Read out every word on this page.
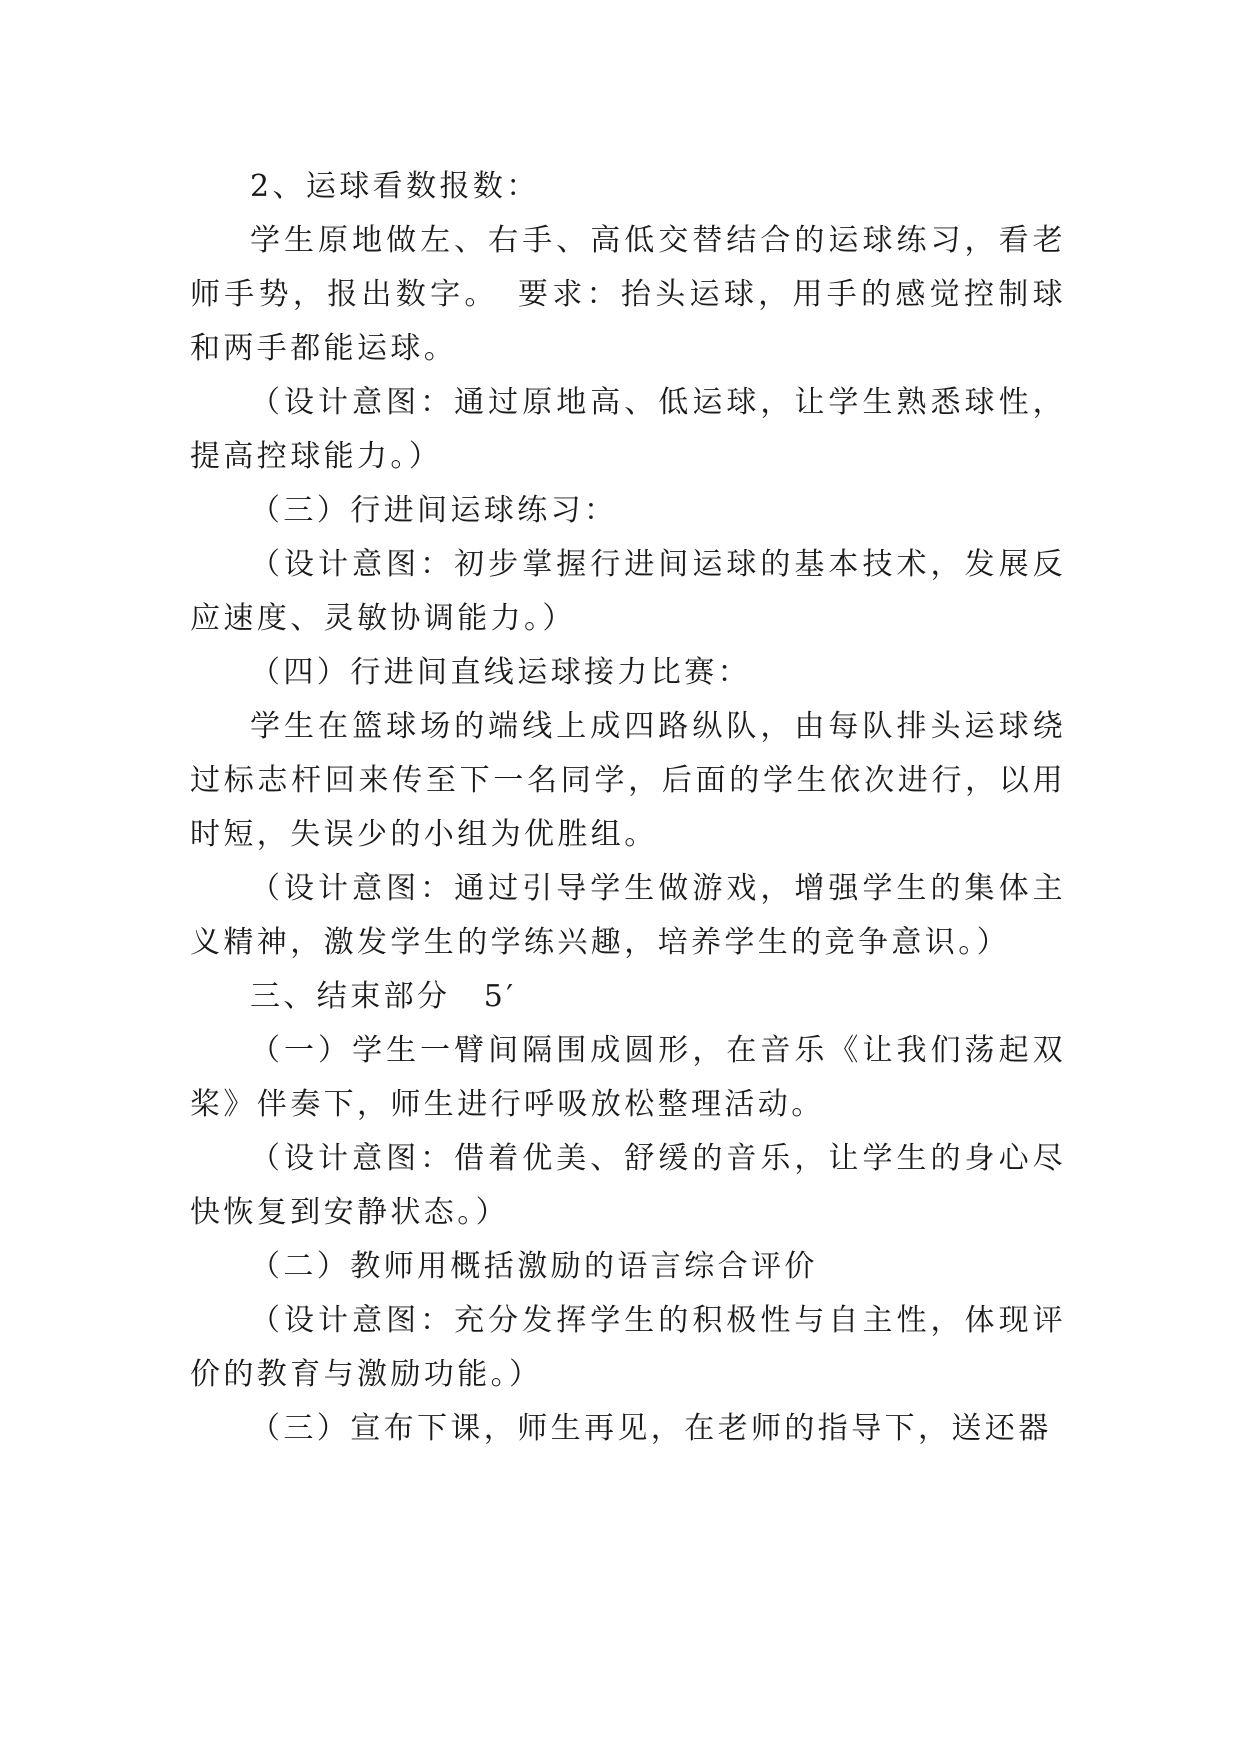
2、运球看数报数：

学生原地做左、右手、高低交替结合的运球练习，看老师手势，报出数字。　要求：抬头运球，用手的感觉控制球和两手都能运球。

（设计意图：通过原地高、低运球，让学生熟悉球性，提高控球能力。）

（三）行进间运球练习：

（设计意图：初步掌握行进间运球的基本技术，发展反应速度、灵敏协调能力。）

（四）行进间直线运球接力比赛：

学生在篮球场的端线上成四路纵队，由每队排头运球绕过标志杆回来传至下一名同学，后面的学生依次进行，以用时短，失误少的小组为优胜组。

（设计意图：通过引导学生做游戏，增强学生的集体主义精神，激发学生的学练兴趣，培养学生的竞争意识。）

三、结束部分　5′

（一）学生一臂间隔围成圆形，在音乐《让我们荡起双桨》伴奏下，师生进行呼吸放松整理活动。

（设计意图：借着优美、舒缓的音乐，让学生的身心尽快恢复到安静状态。）

（二）教师用概括激励的语言综合评价

（设计意图：充分发挥学生的积极性与自主性，体现评价的教育与激励功能。）

（三）宣布下课，师生再见，在老师的指导下，送还器
